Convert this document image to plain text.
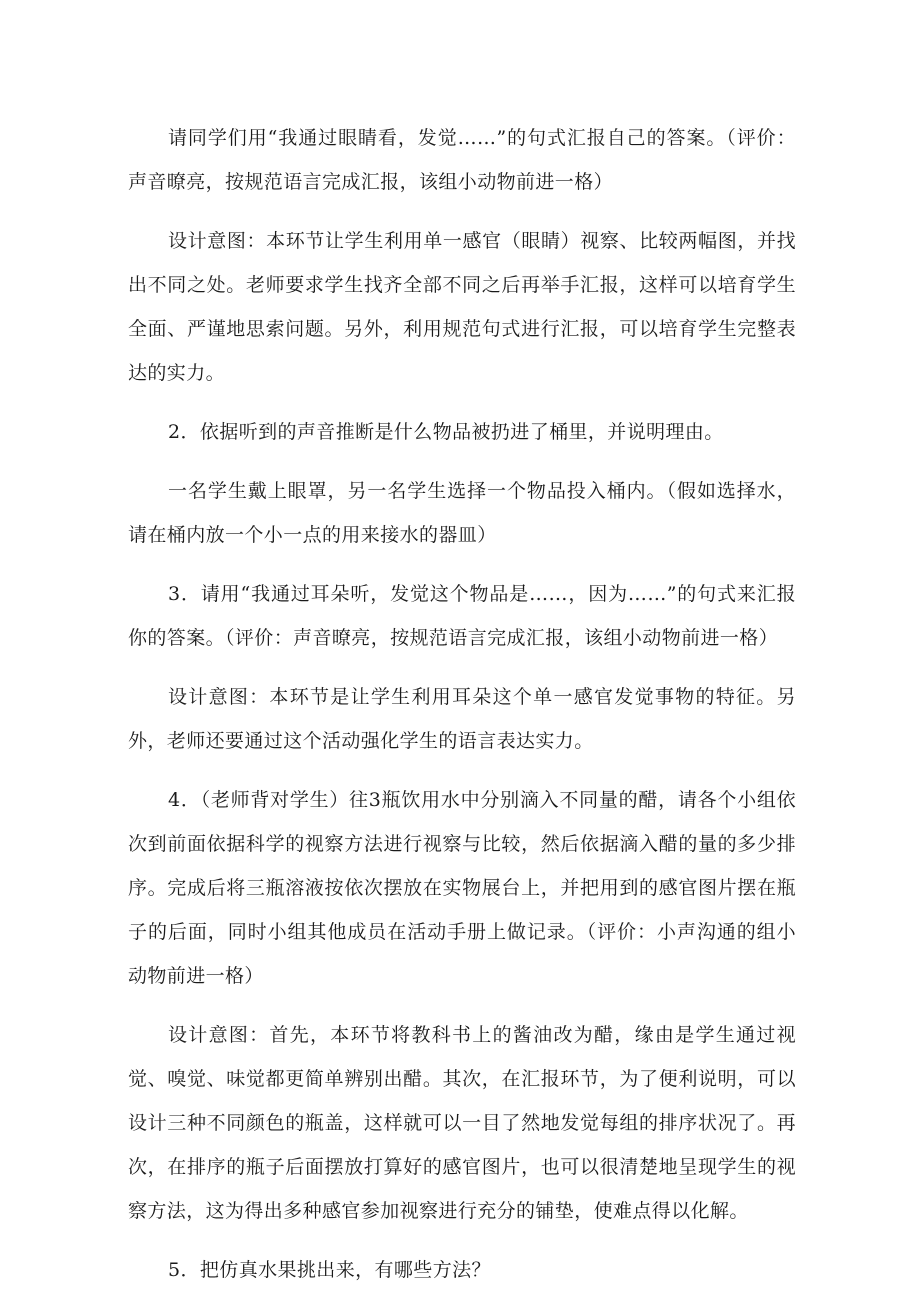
请同学们用“我通过眼睛看，发觉……”的句式汇报自己的答案。（评价：声音暸亮，按规范语言完成汇报，该组小动物前进一格）

设计意图：本环节让学生利用单一感官（眼睛）视察、比较两幅图，并找出不同之处。老师要求学生找齐全部不同之后再举手汇报，这样可以培育学生全面、严谨地思索问题。另外，利用规范句式进行汇报，可以培育学生完整表达的实力。

2．依据听到的声音推断是什么物品被扔进了桶里，并说明理由。

一名学生戴上眼罩，另一名学生选择一个物品投入桶内。（假如选择水，请在桶内放一个小一点的用来接水的器皿）

3．请用“我通过耳朵听，发觉这个物品是……，因为……”的句式来汇报你的答案。（评价：声音暸亮，按规范语言完成汇报，该组小动物前进一格）

设计意图：本环节是让学生利用耳朵这个单一感官发觉事物的特征。另外，老师还要通过这个活动强化学生的语言表达实力。

4．（老师背对学生）往3瓶饮用水中分别滴入不同量的醋，请各个小组依次到前面依据科学的视察方法进行视察与比较，然后依据滴入醋的量的多少排序。完成后将三瓶溶液按依次摆放在实物展台上，并把用到的感官图片摆在瓶子的后面，同时小组其他成员在活动手册上做记录。（评价：小声沟通的组小动物前进一格）

设计意图：首先，本环节将教科书上的酱油改为醋，缘由是学生通过视觉、嗅觉、味觉都更简单辨别出醋。其次，在汇报环节，为了便利说明，可以设计三种不同颜色的瓶盖，这样就可以一目了然地发觉每组的排序状况了。再次，在排序的瓶子后面摆放打算好的感官图片，也可以很清楚地呈现学生的视察方法，这为得出多种感官参加视察进行充分的铺垫，使难点得以化解。

5．把仿真水果挑出来，有哪些方法？
